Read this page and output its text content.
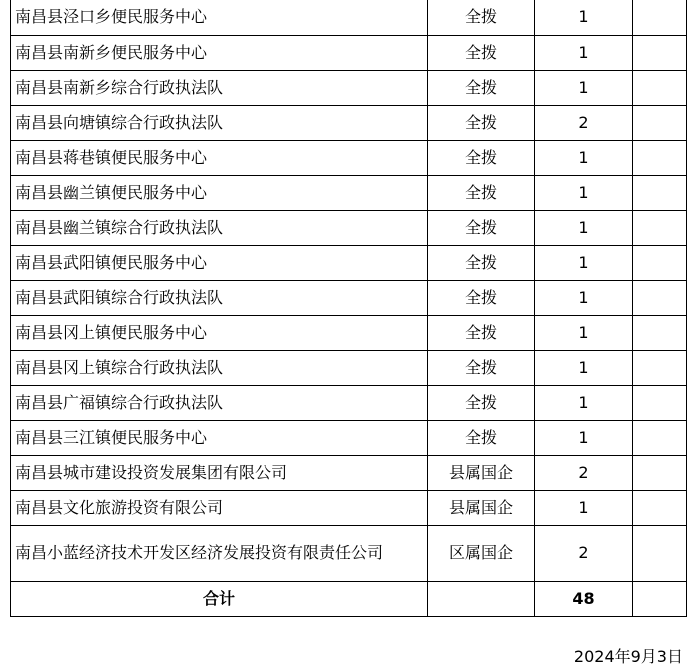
南昌县泾口乡便民服务中心	全拨	1	
南昌县南新乡便民服务中心	全拨	1	
南昌县南新乡综合行政执法队	全拨	1	
南昌县向塘镇综合行政执法队	全拨	2	
南昌县蒋巷镇便民服务中心	全拨	1	
南昌县幽兰镇便民服务中心	全拨	1	
南昌县幽兰镇综合行政执法队	全拨	1	
南昌县武阳镇便民服务中心	全拨	1	
南昌县武阳镇综合行政执法队	全拨	1	
南昌县冈上镇便民服务中心	全拨	1	
南昌县冈上镇综合行政执法队	全拨	1	
南昌县广福镇综合行政执法队	全拨	1	
南昌县三江镇便民服务中心	全拨	1	
南昌县城市建设投资发展集团有限公司	县属国企	2	
南昌县文化旅游投资有限公司	县属国企	1	
南昌小蓝经济技术开发区经济发展投资有限责任公司	区属国企	2	
合计		48	
2024年9月3日
